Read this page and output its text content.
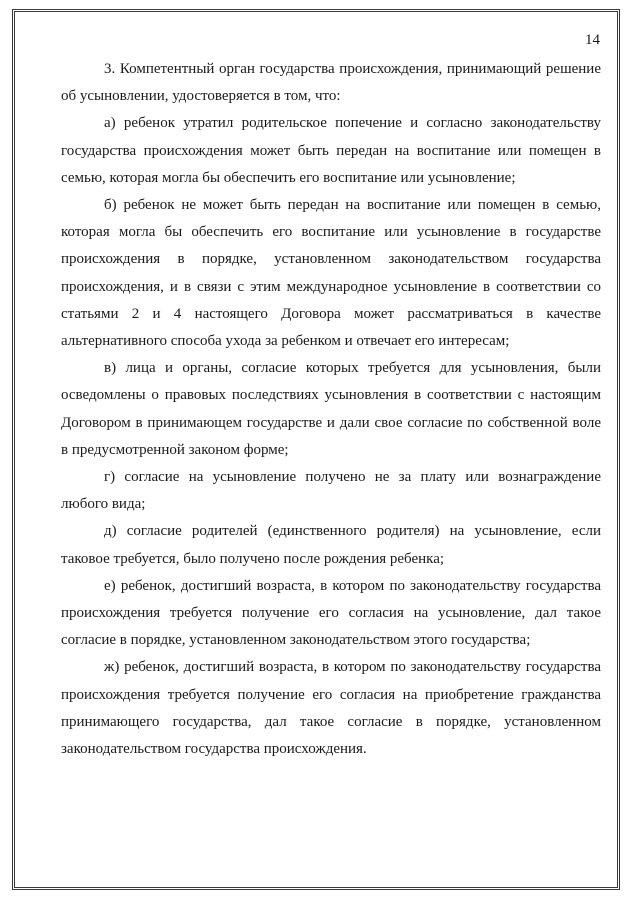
14

3. Компетентный орган государства происхождения, принимающий решение об усыновлении, удостоверяется в том, что:

а) ребенок утратил родительское попечение и согласно законодательству государства происхождения может быть передан на воспитание или помещен в семью, которая могла бы обеспечить его воспитание или усыновление;

б) ребенок не может быть передан на воспитание или помещен в семью, которая могла бы обеспечить его воспитание или усыновление в государстве происхождения в порядке, установленном законодательством государства происхождения, и в связи с этим международное усыновление в соответствии со статьями 2 и 4 настоящего Договора может рассматриваться в качестве альтернативного способа ухода за ребенком и отвечает его интересам;

в) лица и органы, согласие которых требуется для усыновления, были осведомлены о правовых последствиях усыновления в соответствии с настоящим Договором в принимающем государстве и дали свое согласие по собственной воле в предусмотренной законом форме;

г) согласие на усыновление получено не за плату или вознаграждение любого вида;

д) согласие родителей (единственного родителя) на усыновление, если таковое требуется, было получено после рождения ребенка;

е) ребенок, достигший возраста, в котором по законодательству государства происхождения требуется получение его согласия на усыновление, дал такое согласие в порядке, установленном законодательством этого государства;

ж) ребенок, достигший возраста, в котором по законодательству государства происхождения требуется получение его согласия на приобретение гражданства принимающего государства, дал такое согласие в порядке, установленном законодательством государства происхождения.
